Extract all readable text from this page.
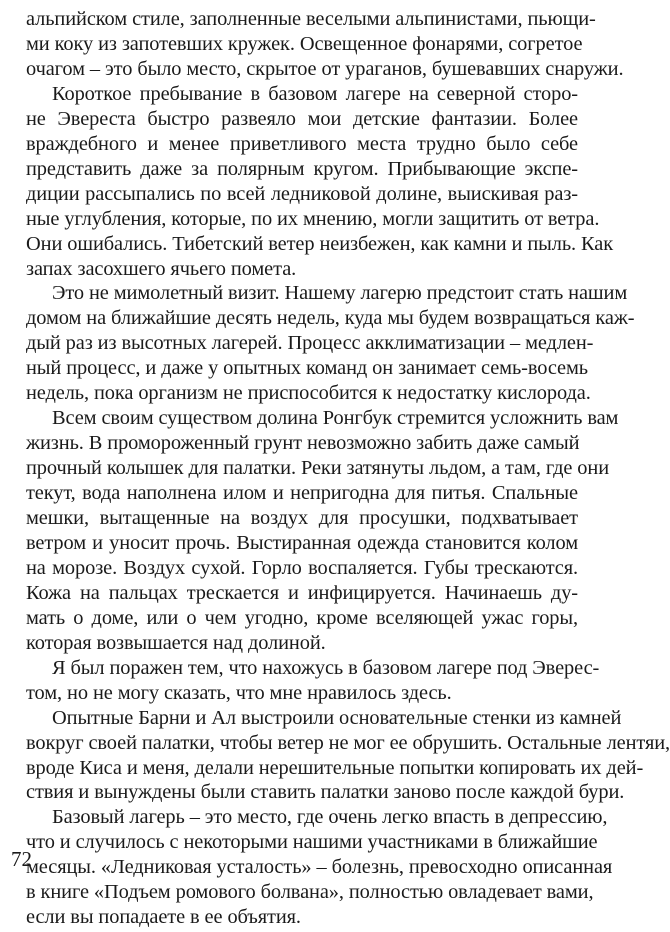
альпийском стиле, заполненные веселыми альпинистами, пьющи-
ми коку из запотевших кружек. Освещенное фонарями, согретое
очагом – это было место, скрытое от ураганов, бушевавших снаружи.
Короткое пребывание в базовом лагере на северной сторо-
не Эвереста быстро развеяло мои детские фантазии. Более
враждебного и менее приветливого места трудно было себе
представить даже за полярным кругом. Прибывающие экспе-
диции рассыпались по всей ледниковой долине, выискивая раз-
ные углубления, которые, по их мнению, могли защитить от ветра.
Они ошибались. Тибетский ветер неизбежен, как камни и пыль. Как
запах засохшего ячьего помета.
Это не мимолетный визит. Нашему лагерю предстоит стать нашим
домом на ближайшие десять недель, куда мы будем возвращаться каж-
дый раз из высотных лагерей. Процесс акклиматизации – медлен-
ный процесс, и даже у опытных команд он занимает семь-восемь
недель, пока организм не приспособится к недостатку кислорода.
Всем своим существом долина Ронгбук стремится усложнить вам
жизнь. В промороженный грунт невозможно забить даже самый
прочный колышек для палатки. Реки затянуты льдом, а там, где они
текут, вода наполнена илом и непригодна для питья. Спальные
мешки, вытащенные на воздух для просушки, подхватывает
ветром и уносит прочь. Выстиранная одежда становится колом
на морозе. Воздух сухой. Горло воспаляется. Губы трескаются.
Кожа на пальцах трескается и инфицируется. Начинаешь ду-
мать о доме, или о чем угодно, кроме вселяющей ужас горы,
которая возвышается над долиной.
Я был поражен тем, что нахожусь в базовом лагере под Эверес-
том, но не могу сказать, что мне нравилось здесь.
Опытные Барни и Ал выстроили основательные стенки из камней
вокруг своей палатки, чтобы ветер не мог ее обрушить. Остальные лентяи,
вроде Киса и меня, делали нерешительные попытки копировать их дей-
ствия и вынуждены были ставить палатки заново после каждой бури.
Базовый лагерь – это место, где очень легко впасть в депрессию,
что и случилось с некоторыми нашими участниками в ближайшие
месяцы. «Ледниковая усталость» – болезнь, превосходно описанная
в книге «Подъем ромового болвана», полностью овладевает вами,
если вы попадаете в ее объятия.
72
